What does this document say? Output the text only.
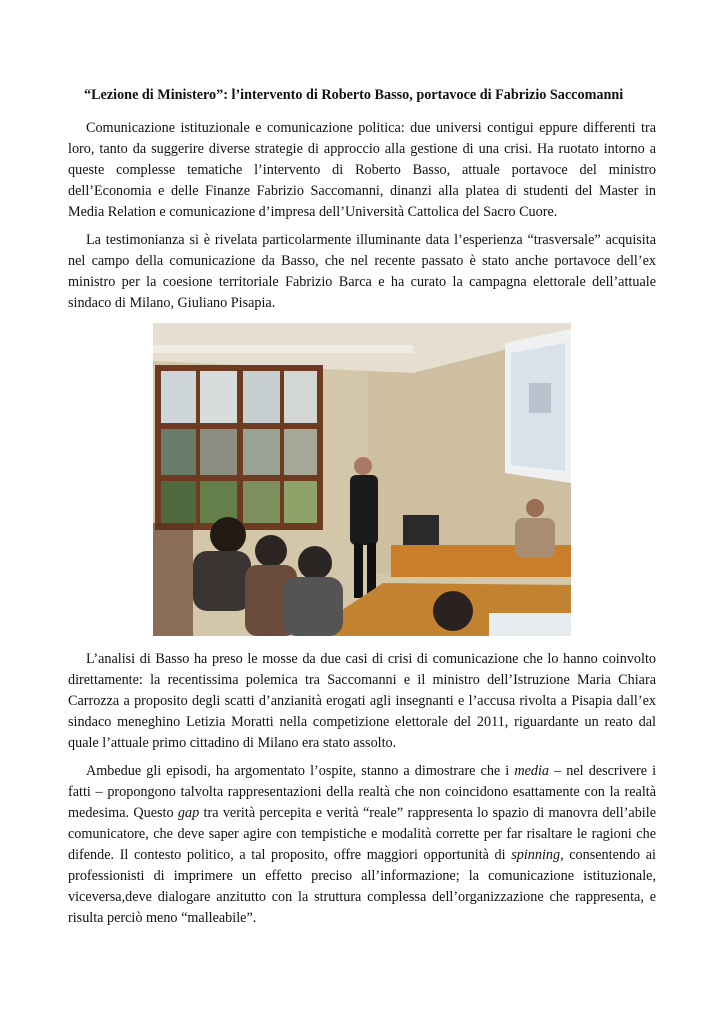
“Lezione di Ministero”: l’intervento di Roberto Basso, portavoce di Fabrizio Saccomanni
Comunicazione istituzionale e comunicazione politica: due universi contigui eppure differenti tra loro, tanto da suggerire diverse strategie di approccio alla gestione di una crisi. Ha ruotato intorno a queste complesse tematiche l’intervento di Roberto Basso, attuale portavoce del ministro dell’Economia e delle Finanze Fabrizio Saccomanni, dinanzi alla platea di studenti del Master in Media Relation e comunicazione d’impresa dell’Università Cattolica del Sacro Cuore.
La testimonianza si è rivelata particolarmente illuminante data l’esperienza “trasversale” acquisita nel campo della comunicazione da Basso, che nel recente passato è stato anche portavoce dell’ex ministro per la coesione territoriale Fabrizio Barca e ha curato la campagna elettorale dell’attuale sindaco di Milano, Giuliano Pisapia.
L’analisi di Basso ha preso le mosse da due casi di crisi di comunicazione che lo hanno coinvolto direttamente: la recentissima polemica tra Saccomanni e il ministro dell’Istruzione Maria Chiara Carrozza a proposito degli scatti d’anzianità erogati agli insegnanti e l’accusa rivolta a Pisapia dall’ex sindaco meneghino Letizia Moratti nella competizione elettorale del 2011, riguardante un reato dal quale l’attuale primo cittadino di Milano era stato assolto.
Ambedue gli episodi, ha argomentato l’ospite, stanno a dimostrare che i media – nel descrivere i fatti – propongono talvolta rappresentazioni della realtà che non coincidono esattamente con la realtà medesima. Questo gap tra verità percepita e verità “reale” rappresenta lo spazio di manovra dell’abile comunicatore, che deve saper agire con tempistiche e modalità corrette per far risaltare le ragioni che difende. Il contesto politico, a tal proposito, offre maggiori opportunità di spinning, consentendo ai professionisti di imprimere un effetto preciso all’informazione; la comunicazione istituzionale, viceversa,deve dialogare anzitutto con la struttura complessa dell’organizzazione che rappresenta, e risulta perciò meno “malleabile”.
